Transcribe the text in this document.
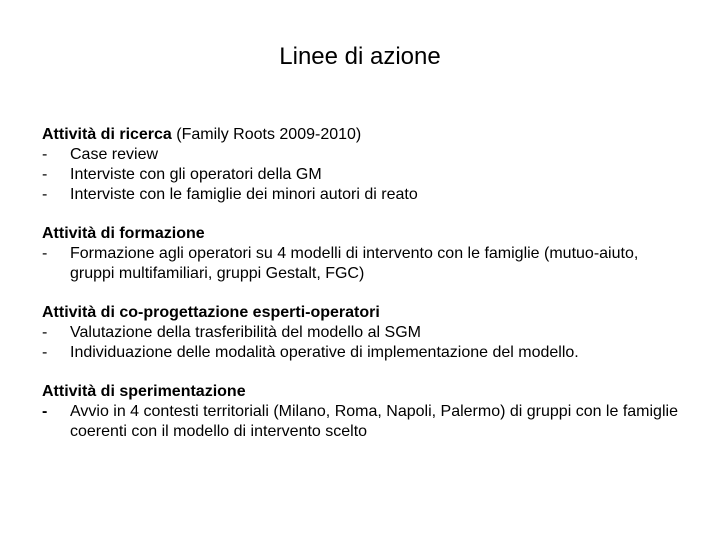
Linee di azione

Attività di ricerca (Family Roots 2009-2010)

-	Case review
-	Interviste con gli operatori della GM
-	Interviste con le famiglie dei minori autori di reato

Attività di formazione

-	Formazione agli operatori su 4 modelli di intervento con le famiglie (mutuo-aiuto, gruppi multifamiliari, gruppi Gestalt, FGC)

Attività di co-progettazione esperti-operatori

-	Valutazione della trasferibilità del modello al SGM
-	Individuazione delle modalità operative di implementazione del modello.

Attività di sperimentazione

-	Avvio in 4 contesti territoriali (Milano, Roma, Napoli, Palermo) di gruppi con le famiglie coerenti con il modello di intervento scelto
